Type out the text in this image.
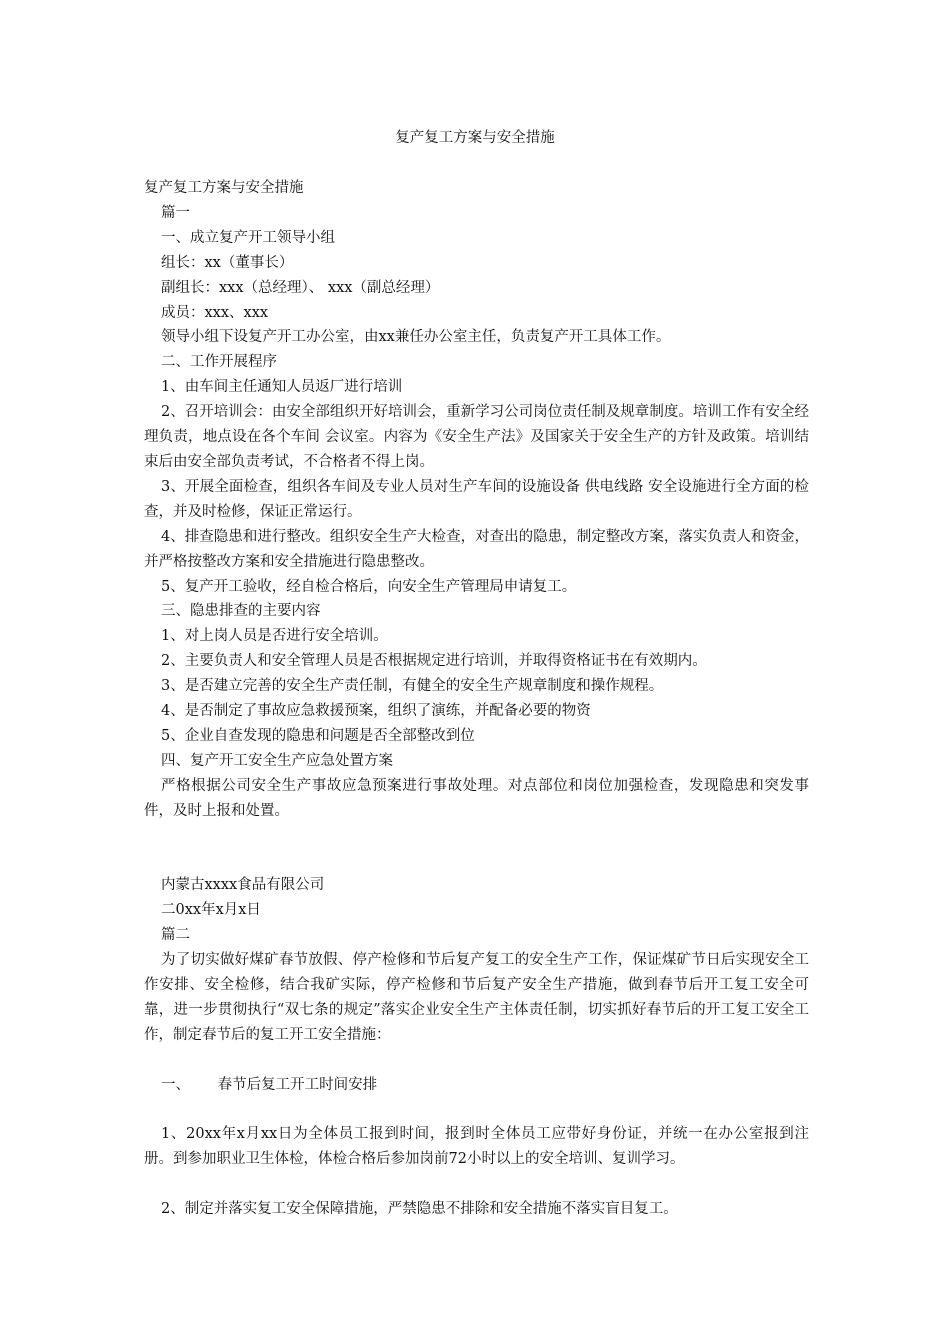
复产复工方案与安全措施

复产复工方案与安全措施

篇一

一、成立复产开工领导小组

组长：xx（董事长）

副组长：xxx（总经理）、 xxx（副总经理）

成员：xxx、xxx

领导小组下设复产开工办公室，由xx兼任办公室主任，负责复产开工具体工作。

二、工作开展程序

1、由车间主任通知人员返厂进行培训

2、召开培训会：由安全部组织开好培训会，重新学习公司岗位责任制及规章制度。培训工作有安全经理负责，地点设在各个车间 会议室。内容为《安全生产法》及国家关于安全生产的方针及政策。培训结束后由安全部负责考试，不合格者不得上岗。

3、开展全面检查，组织各车间及专业人员对生产车间的设施设备 供电线路 安全设施进行全方面的检查，并及时检修，保证正常运行。

4、排查隐患和进行整改。组织安全生产大检查，对查出的隐患，制定整改方案，落实负责人和资金，并严格按整改方案和安全措施进行隐患整改。

5、复产开工验收，经自检合格后，向安全生产管理局申请复工。

三、隐患排查的主要内容

1、对上岗人员是否进行安全培训。

2、主要负责人和安全管理人员是否根据规定进行培训，并取得资格证书在有效期内。

3、是否建立完善的安全生产责任制，有健全的安全生产规章制度和操作规程。

4、是否制定了事故应急救援预案，组织了演练，并配备必要的物资

5、企业自查发现的隐患和问题是否全部整改到位

四、复产开工安全生产应急处置方案

严格根据公司安全生产事故应急预案进行事故处理。对点部位和岗位加强检查，发现隐患和突发事件，及时上报和处置。

内蒙古xxxx食品有限公司

二0xx年x月x日

篇二

为了切实做好煤矿春节放假、停产检修和节后复产复工的安全生产工作，保证煤矿节日后实现安全工作安排、安全检修，结合我矿实际，停产检修和节后复产安全生产措施，做到春节后开工复工安全可靠，进一步贯彻执行“双七条的规定”落实企业安全生产主体责任制，切实抓好春节后的开工复工安全工作，制定春节后的复工开工安全措施：

一、      春节后复工开工时间安排

1、20xx年x月xx日为全体员工报到时间，报到时全体员工应带好身份证，并统一在办公室报到注册。到参加职业卫生体检，体检合格后参加岗前72小时以上的安全培训、复训学习。

2、制定并落实复工安全保障措施，严禁隐患不排除和安全措施不落实盲目复工。
